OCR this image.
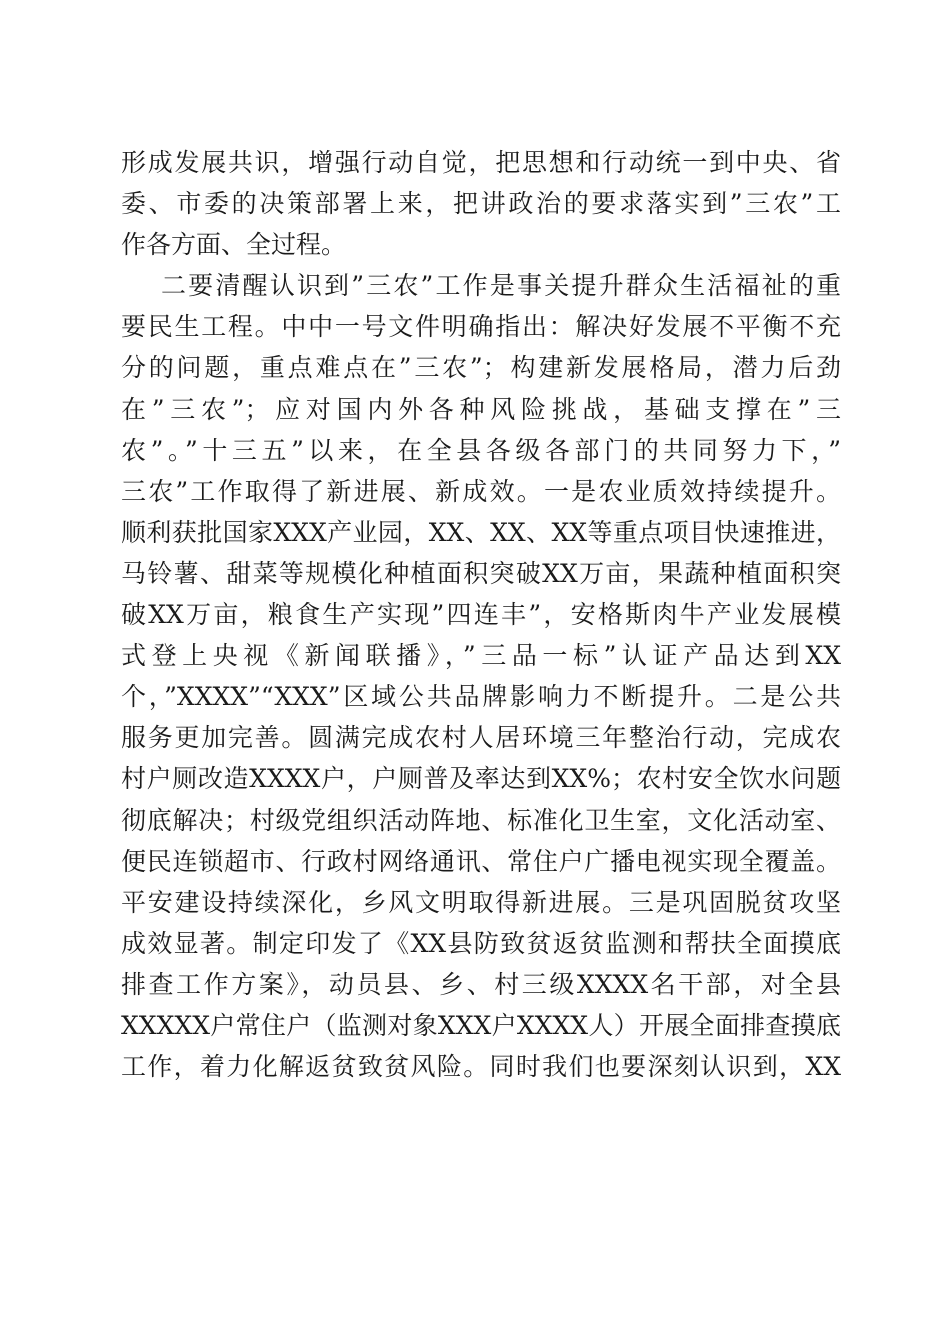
形成发展共识，增强行动自觉，把思想和行动统一到中央、省
委、市委的决策部署上来，把讲政治的要求落实到”三农”工
作各方面、全过程。
二要清醒认识到”三农”工作是事关提升群众生活福祉的重
要民生工程。中中一号文件明确指出：解决好发展不平衡不充
分的问题，重点难点在”三农”；构建新发展格局，潜力后劲
在”三农”；应对国内外各种风险挑战，基础支撑在”三
农”。”十三五”以来，在全县各级各部门的共同努力下，”
三农”工作取得了新进展、新成效。一是农业质效持续提升。
顺利获批国家XXX产业园，XX、XX、XX等重点项目快速推进，
马铃薯、甜菜等规模化种植面积突破XX万亩，果蔬种植面积突
破XX万亩，粮食生产实现”四连丰”，安格斯肉牛产业发展模
式登上央视《新闻联播》，”三品一标”认证产品达到XX
个，”XXXX”“XXX”区域公共品牌影响力不断提升。二是公共
服务更加完善。圆满完成农村人居环境三年整治行动，完成农
村户厕改造XXXX户，户厕普及率达到XX%；农村安全饮水问题
彻底解决；村级党组织活动阵地、标准化卫生室，文化活动室、
便民连锁超市、行政村网络通讯、常住户广播电视实现全覆盖。
平安建设持续深化，乡风文明取得新进展。三是巩固脱贫攻坚
成效显著。制定印发了《XX县防致贫返贫监测和帮扶全面摸底
排查工作方案》，动员县、乡、村三级XXXX名干部，对全县
XXXXX户常住户（监测对象XXX户XXXX人）开展全面排查摸底
工作，着力化解返贫致贫风险。同时我们也要深刻认识到，XX
